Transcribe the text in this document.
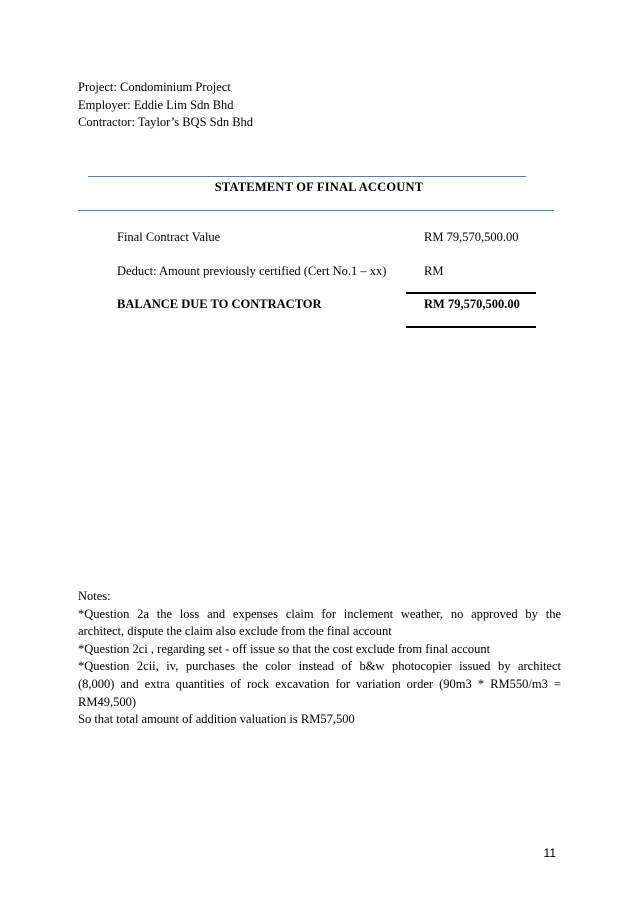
Project: Condominium Project
Employer: Eddie Lim Sdn Bhd
Contractor: Taylor’s BQS Sdn Bhd
STATEMENT OF FINAL ACCOUNT
Final Contract Value	RM 79,570,500.00
Deduct: Amount previously certified (Cert No.1 – xx)	RM
BALANCE DUE TO CONTRACTOR	RM 79,570,500.00

Notes:

*Question 2a the loss and expenses claim for inclement weather, no approved by the

architect, dispute the claim also exclude from the final account

*Question 2ci , regarding set - off issue so that the cost exclude from final account

*Question 2cii, iv, purchases the color instead of b&w photocopier issued by architect

(8,000) and extra quantities of rock excavation for variation order (90m3 * RM550/m3 =

RM49,500)

So that total amount of addition valuation is RM57,500

11
